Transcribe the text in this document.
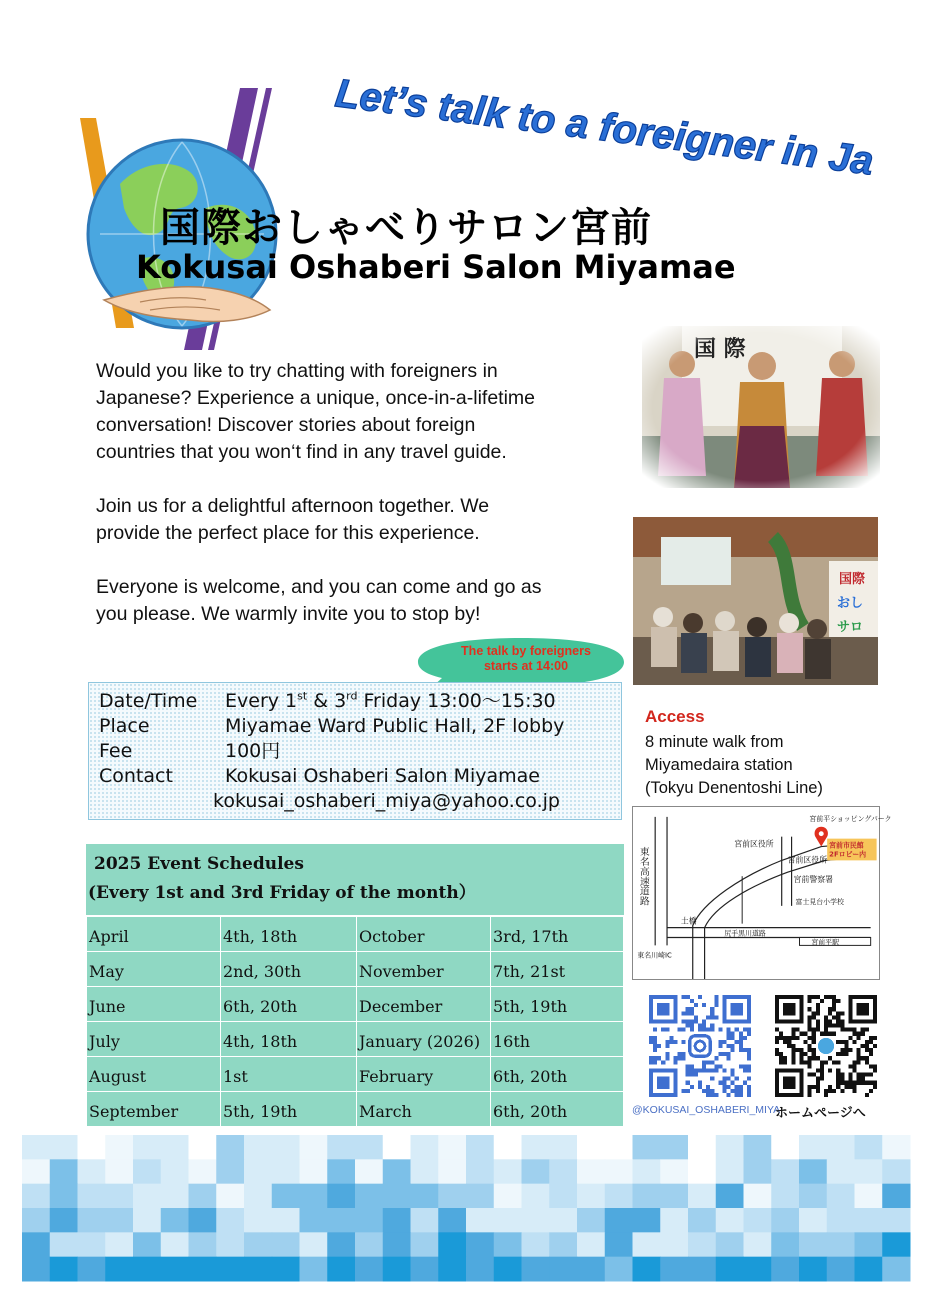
Let’s talk to a foreigner in Japanese!
国際おしゃべりサロン宮前
Kokusai Oshaberi Salon Miyamae

Would you like to try chatting with foreigners in
Japanese? Experience a unique, once-in-a-lifetime
conversation! Discover stories about foreign
countries that you won‘t find in any travel guide.

Join us for a delightful afternoon together. We
provide the perfect place for this experience.

Everyone is welcome, and you can come and go as
you please. We warmly invite you to stop by!

国際
おし
サロ
The talk by foreigners
starts at 14:00
Date/Time	Every 1st & 3rd Friday 13:00～15:30
Place	Miyamae Ward Public Hall, 2F lobby
Fee	100円
Contact	Kokusai Oshaberi Salon Miyamae
kokusai_oshaberi_miya@yahoo.co.jp
Access
8 minute walk from
Miyamedaira station
(Tokyu Denentoshi Line)
東名高速道路
宮前平ショッピングパーク
宮前区役所
宮前区役所
宮前市民館
2Fロビー内
宮前警察署
富士見台小学校
土橋
東名川崎IC
尻手黒川道路
宮前平駅
2025 Event Schedules
(Every 1st and 3rd Friday of the month）
April	4th, 18th	October	3rd, 17th
May	2nd, 30th	November	7th, 21st
June	6th, 20th	December	5th, 19th
July	4th, 18th	January (2026)	16th
August	1st	February	6th, 20th
September	5th, 19th	March	6th, 20th	@KOKUSAI_OSHABERI_MIYA
ホームページへ
